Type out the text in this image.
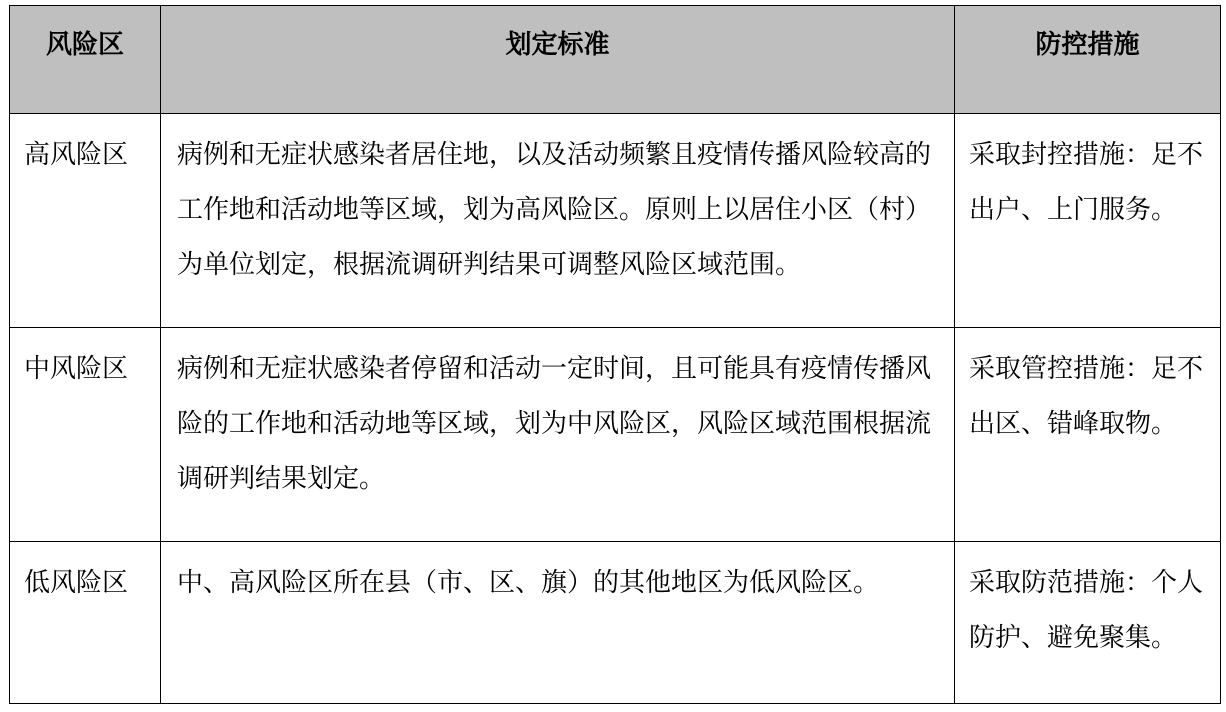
风险区	划定标准	防控措施
高风险区	病例和无症状感染者居住地，以及活动频繁且疫情传播风险较高的工作地和活动地等区域，划为高风险区。原则上以居住小区（村）为单位划定，根据流调研判结果可调整风险区域范围。	采取封控措施：足不出户、上门服务。
中风险区	病例和无症状感染者停留和活动一定时间，且可能具有疫情传播风险的工作地和活动地等区域，划为中风险区，风险区域范围根据流调研判结果划定。	采取管控措施：足不出区、错峰取物。
低风险区	中、高风险区所在县（市、区、旗）的其他地区为低风险区。	采取防范措施：个人防护、避免聚集。
